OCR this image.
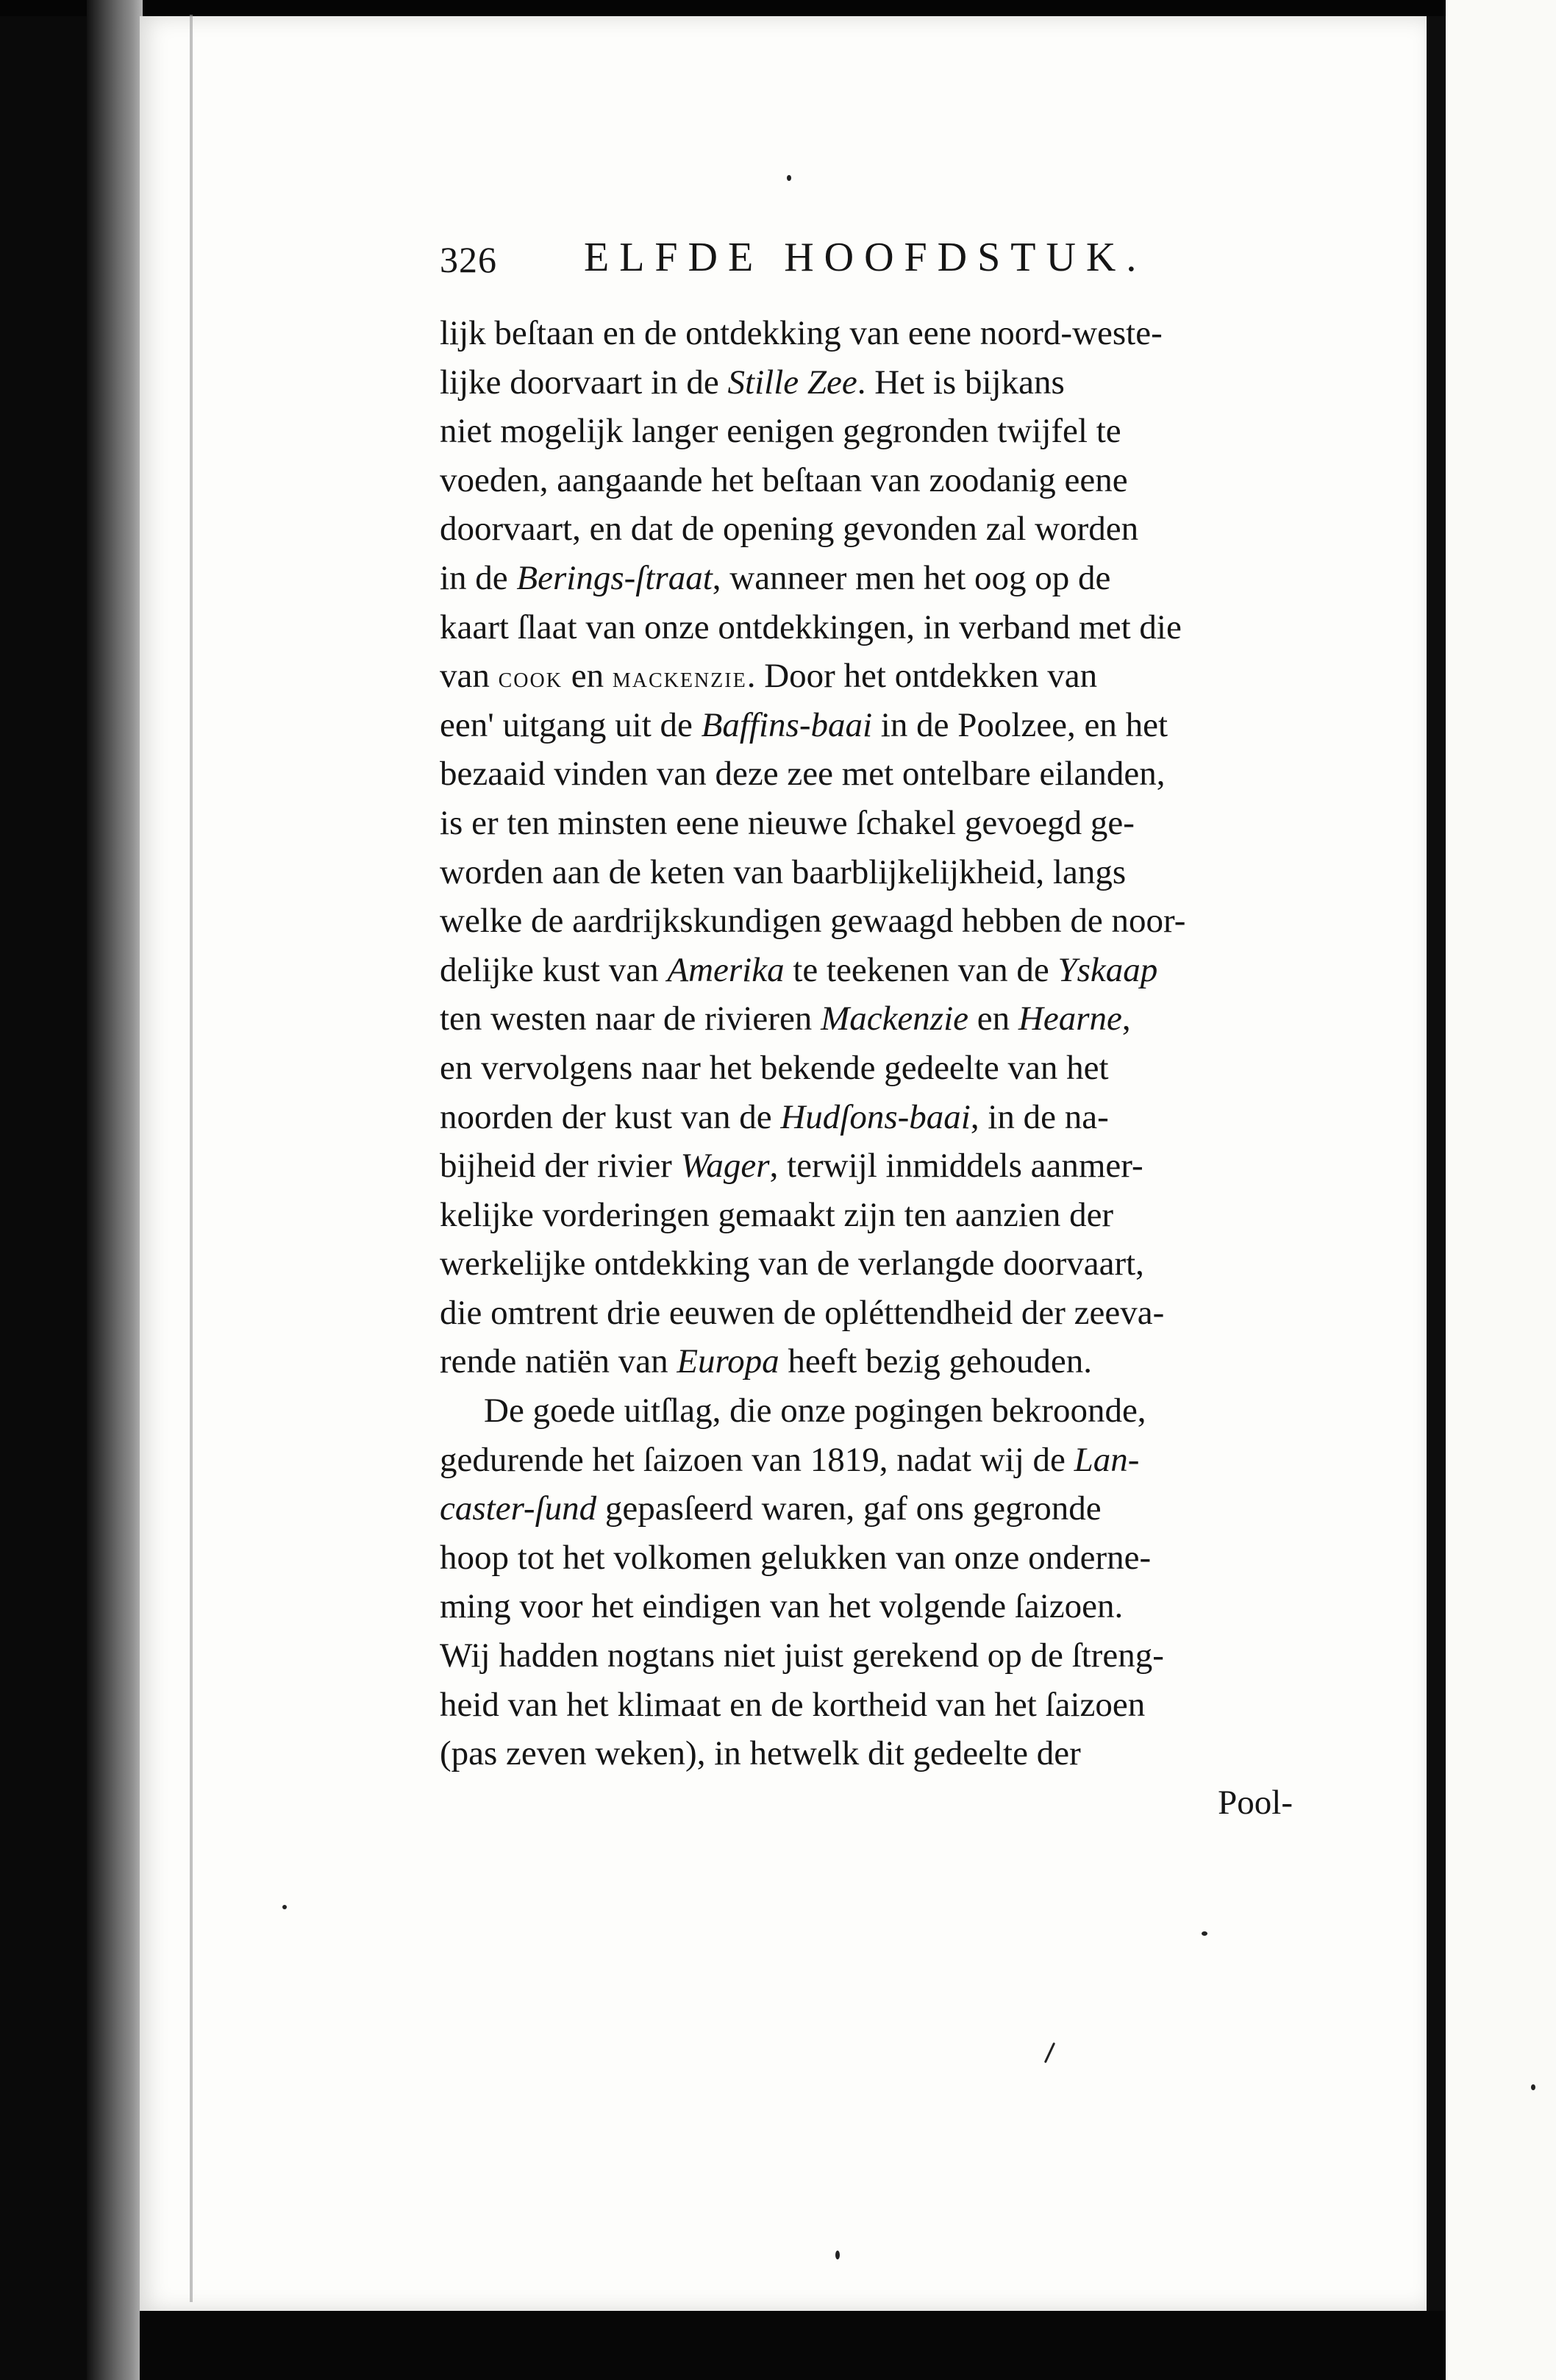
326 ELFDE HOOFDSTUK.
lijk beſtaan en de ontdekking van eene noord-weste-
lijke doorvaart in de Stille Zee. Het is bijkans
niet mogelijk langer eenigen gegronden twijfel te
voeden, aangaande het beſtaan van zoodanig eene
doorvaart, en dat de opening gevonden zal worden
in de Berings-ſtraat, wanneer men het oog op de
kaart ſlaat van onze ontdekkingen, in verband met die
van cook en mackenzie. Door het ontdekken van
een' uitgang uit de Baffins-baai in de Poolzee, en het
bezaaid vinden van deze zee met ontelbare eilanden,
is er ten minsten eene nieuwe ſchakel gevoegd ge-
worden aan de keten van baarblijkelijkheid, langs
welke de aardrijkskundigen gewaagd hebben de noor-
delijke kust van Amerika te teekenen van de Yskaap
ten westen naar de rivieren Mackenzie en Hearne,
en vervolgens naar het bekende gedeelte van het
noorden der kust van de Hudſons-baai, in de na-
bijheid der rivier Wager, terwijl inmiddels aanmer-
kelijke vorderingen gemaakt zijn ten aanzien der
werkelijke ontdekking van de verlangde doorvaart,
die omtrent drie eeuwen de opléttendheid der zeeva-
rende natiën van Europa heeft bezig gehouden.
De goede uitſlag, die onze pogingen bekroonde,
gedurende het ſaizoen van 1819, nadat wij de Lan-
caster-ſund gepasſeerd waren, gaf ons gegronde
hoop tot het volkomen gelukken van onze onderne-
ming voor het eindigen van het volgende ſaizoen.
Wij hadden nogtans niet juist gerekend op de ſtreng-
heid van het klimaat en de kortheid van het ſaizoen
(pas zeven weken), in hetwelk dit gedeelte der
Pool-
